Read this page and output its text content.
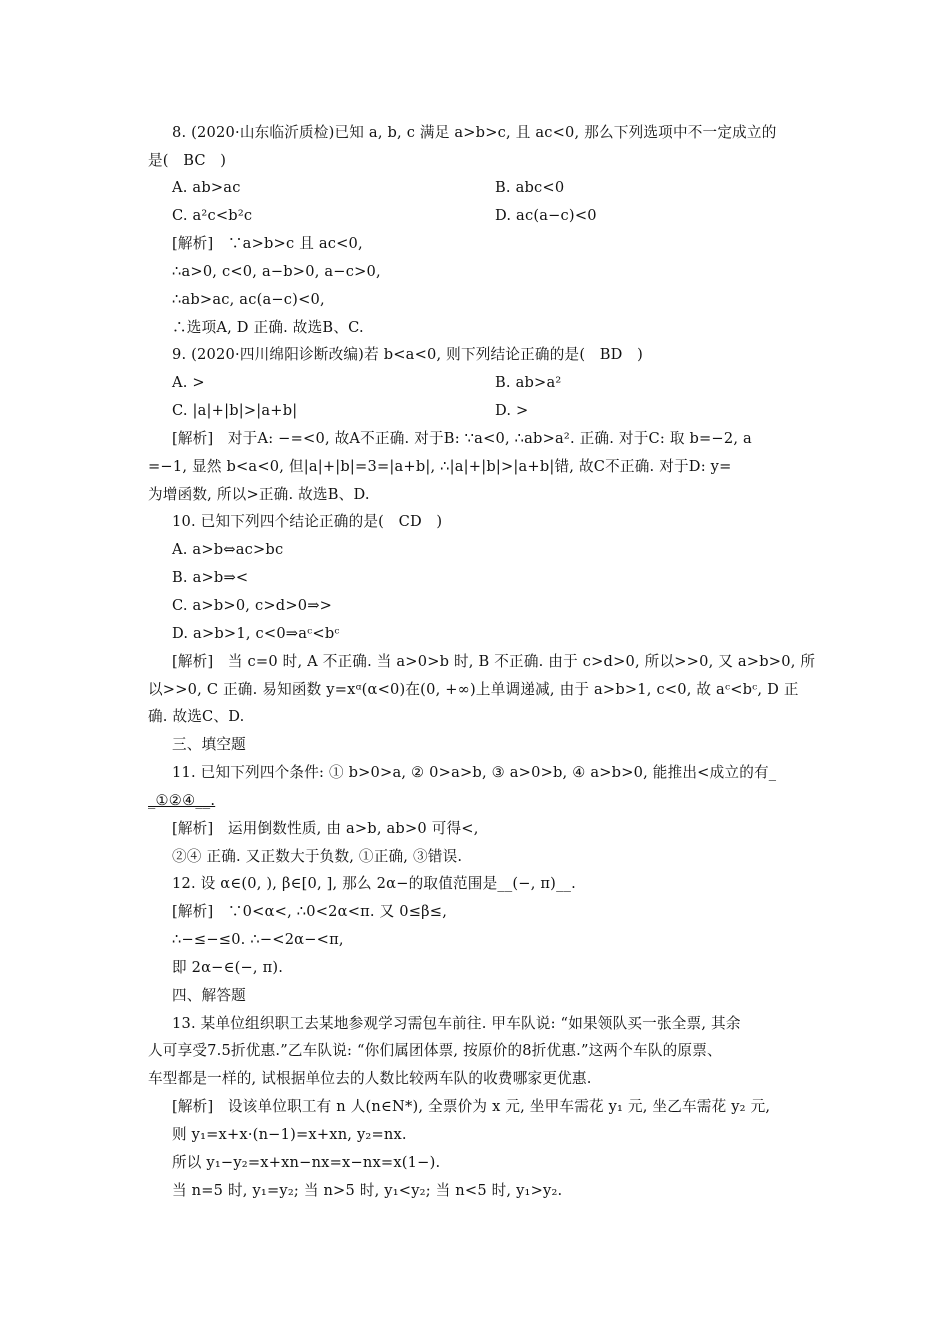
8. (2020·山东临沂质检)已知 a, b, c 满足 a>b>c, 且 ac<0, 那么下列选项中不一定成立的
是(   BC   )
A. ab>ac	B. abc<0
C. a²c<b²c	D. ac(a−c)<0
[解析]   ∵a>b>c 且 ac<0,
∴a>0, c<0, a−b>0, a−c>0,
∴ab>ac, ac(a−c)<0,
∴选项A, D 正确. 故选B、C.
9. (2020·四川绵阳诊断改编)若 b<a<0, 则下列结论正确的是(   BD   )
A. >	B. ab>a²
C. |a|+|b|>|a+b|	D. >
[解析]   对于A: −=<0, 故A不正确. 对于B: ∵a<0, ∴ab>a². 正确. 对于C: 取 b=−2, a
=−1, 显然 b<a<0, 但|a|+|b|=3=|a+b|, ∴|a|+|b|>|a+b|错, 故C不正确. 对于D: y=
为增函数, 所以>正确. 故选B、D.
10. 已知下列四个结论正确的是(   CD   )
A. a>b⇔ac>bc
B. a>b⇒<
C. a>b>0, c>d>0⇒>
D. a>b>1, c<0⇒aᶜ<bᶜ
[解析]   当 c=0 时, A 不正确. 当 a>0>b 时, B 不正确. 由于 c>d>0, 所以>>0, 又 a>b>0, 所
以>>0, C 正确. 易知函数 y=xᵅ(α<0)在(0, +∞)上单调递减, 由于 a>b>1, c<0, 故 aᶜ<bᶜ, D 正
确. 故选C、D.
三、填空题
11. 已知下列四个条件: ① b>0>a, ② 0>a>b, ③ a>0>b, ④ a>b>0, 能推出<成立的有_
_①②④__.
[解析]   运用倒数性质, 由 a>b, ab>0 可得<,
②④ 正确. 又正数大于负数, ①正确, ③错误.
12. 设 α∈(0, ), β∈[0, ], 那么 2α−的取值范围是__(−, π)__.
[解析]   ∵0<α<, ∴0<2α<π. 又 0≤β≤,
∴−≤−≤0. ∴−<2α−<π,
即 2α−∈(−, π).
四、解答题
13. 某单位组织职工去某地参观学习需包车前往. 甲车队说: “如果领队买一张全票, 其余
人可享受7.5折优惠.”乙车队说: “你们属团体票, 按原价的8折优惠.”这两个车队的原票、
车型都是一样的, 试根据单位去的人数比较两车队的收费哪家更优惠.
[解析]   设该单位职工有 n 人(n∈N*), 全票价为 x 元, 坐甲车需花 y₁ 元, 坐乙车需花 y₂ 元,
则 y₁=x+x·(n−1)=x+xn, y₂=nx.
所以 y₁−y₂=x+xn−nx=x−nx=x(1−).
当 n=5 时, y₁=y₂; 当 n>5 时, y₁<y₂; 当 n<5 时, y₁>y₂.
